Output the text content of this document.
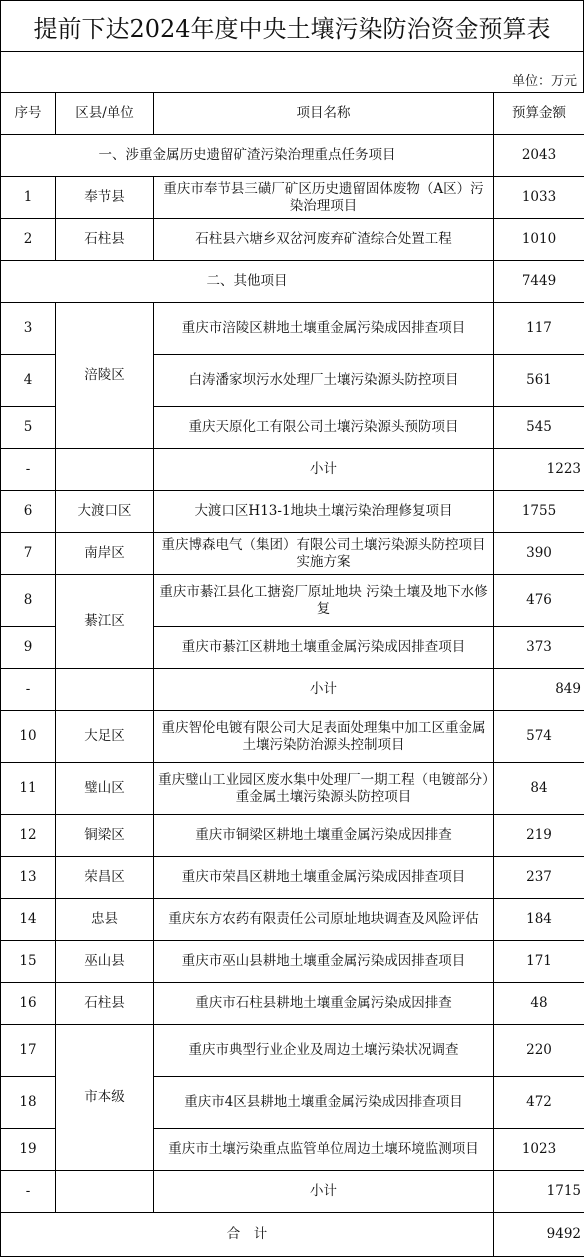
提前下达2024年度中央土壤污染防治资金预算表
单位：万元
序号	区县/单位	项目名称	预算金额
一、涉重金属历史遗留矿渣污染治理重点任务项目			2043
1	奉节县	重庆市奉节县三磺厂矿区历史遗留固体废物（A区）污染治理项目	1033
2	石柱县	石柱县六塘乡双岔河废弃矿渣综合处置工程	1010
二、其他项目			7449
3	涪陵区	重庆市涪陵区耕地土壤重金属污染成因排查项目	117
4		白涛潘家坝污水处理厂土壤污染源头防控项目	561
5		重庆天原化工有限公司土壤污染源头预防项目	545
-		小计	1223
6	大渡口区	大渡口区H13-1地块土壤污染治理修复项目	1755
7	南岸区	重庆博森电气（集团）有限公司土壤污染源头防控项目实施方案	390
8	綦江区	重庆市綦江县化工搪瓷厂原址地块 污染土壤及地下水修复	476
9		重庆市綦江区耕地土壤重金属污染成因排查项目	373
-		小计	849
10	大足区	重庆智伦电镀有限公司大足表面处理集中加工区重金属土壤污染防治源头控制项目	574
11	璧山区	重庆璧山工业园区废水集中处理厂一期工程（电镀部分）重金属土壤污染源头防控项目	84
12	铜梁区	重庆市铜梁区耕地土壤重金属污染成因排查	219
13	荣昌区	重庆市荣昌区耕地土壤重金属污染成因排查项目	237
14	忠县	重庆东方农药有限责任公司原址地块调查及风险评估	184
15	巫山县	重庆市巫山县耕地土壤重金属污染成因排查项目	171
16	石柱县	重庆市石柱县耕地土壤重金属污染成因排查	48
17	市本级	重庆市典型行业企业及周边土壤污染状况调查	220
18		重庆市4区县耕地土壤重金属污染成因排查项目	472
19		重庆市土壤污染重点监管单位周边土壤环境监测项目	1023
-		小计	1715
合　计			9492
